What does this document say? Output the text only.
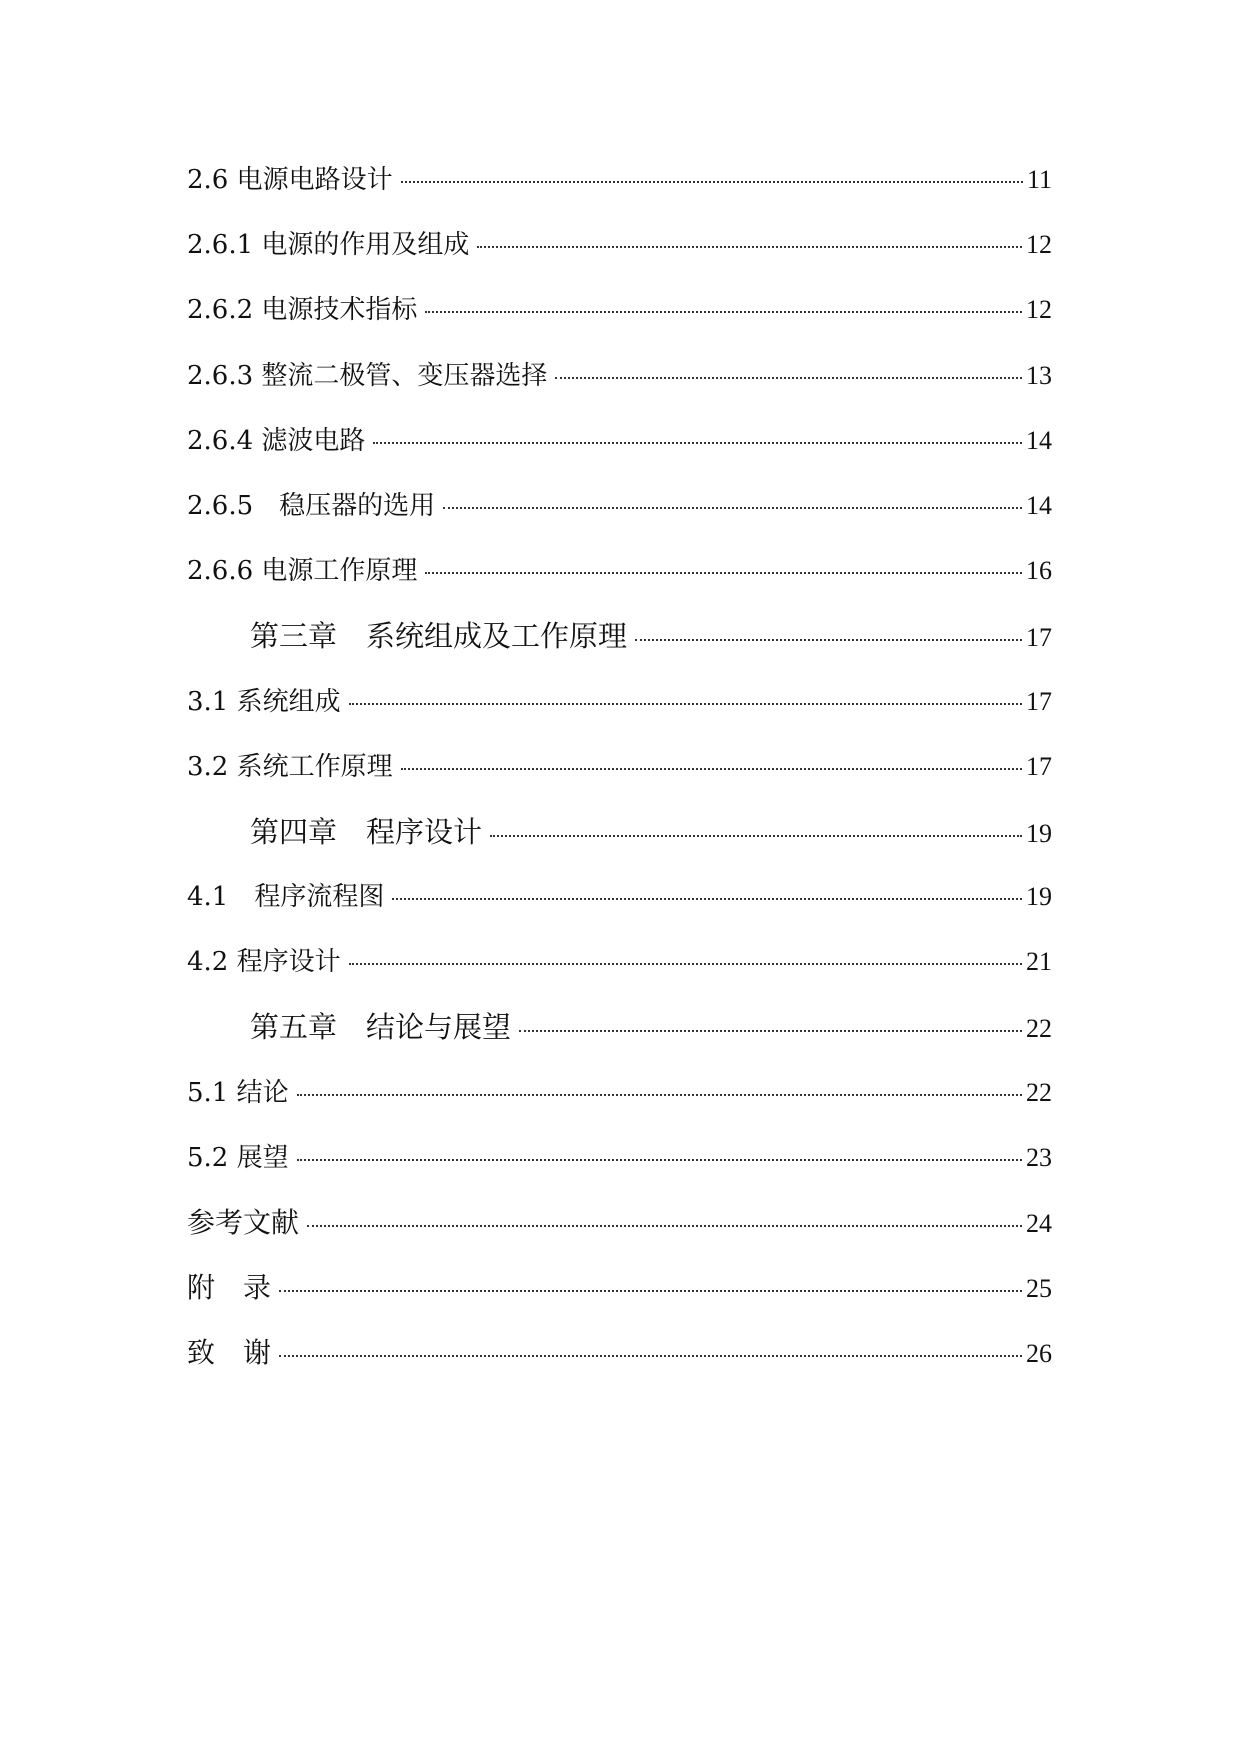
2.6 电源电路设计	11
2.6.1 电源的作用及组成	12
2.6.2 电源技术指标	12
2.6.3 整流二极管、变压器选择	13
2.6.4 滤波电路	14
2.6.5　稳压器的选用	14
2.6.6 电源工作原理	16
第三章　系统组成及工作原理	17
3.1 系统组成	17
3.2 系统工作原理	17
第四章　程序设计	19
4.1　程序流程图	19
4.2 程序设计	21
第五章　结论与展望	22
5.1 结论	22
5.2 展望	23
参考文献	24
附　录	25
致　谢	26
